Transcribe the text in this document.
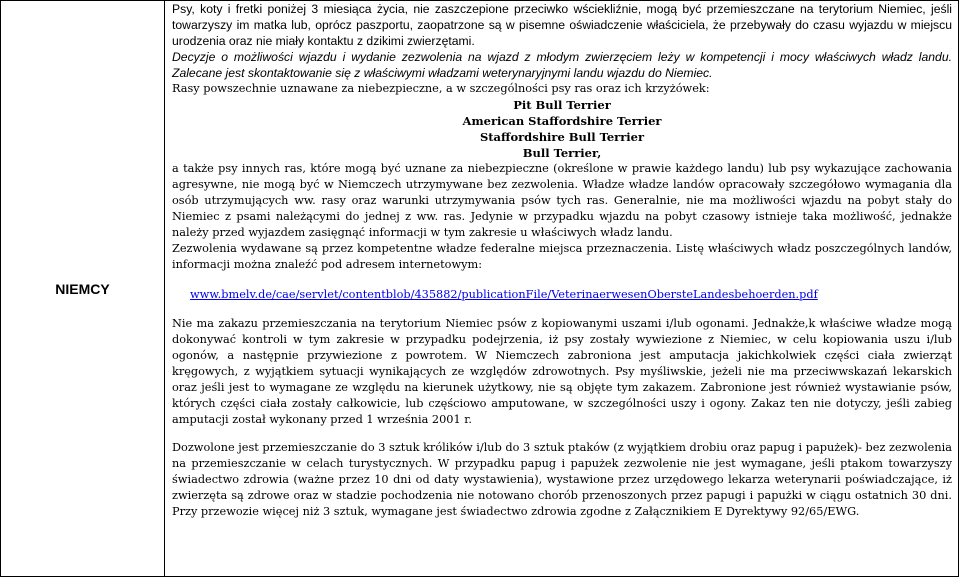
NIEMCY	

Psy, koty i fretki poniżej 3 miesiąca życia, nie zaszczepione przeciwko wściekliźnie, mogą być przemieszczane na terytorium Niemiec, jeśli towarzyszy im matka lub, oprócz paszportu, zaopatrzone są w pisemne oświadczenie właściciela, że przebywały do czasu wyjazdu w miejscu urodzenia oraz nie miały kontaktu z dzikimi zwierzętami.

Decyzje o możliwości wjazdu i wydanie zezwolenia na wjazd z młodym zwierzęciem leży w kompetencji i mocy właściwych władz landu. Zalecane jest skontaktowanie się z właściwymi władzami weterynaryjnymi landu wjazdu do Niemiec.

Rasy powszechnie uznawane za niebezpieczne, a w szczególności psy ras oraz ich krzyżówek:

Pit Bull Terrier

American Staffordshire Terrier

Staffordshire Bull Terrier

Bull Terrier,

a także psy innych ras, które mogą być uznane za niebezpieczne (określone w prawie każdego landu) lub psy wykazujące zachowania agresywne, nie mogą być w Niemczech utrzymywane bez zezwolenia. Władze władze landów opracowały szczegółowo wymagania dla osób utrzymujących ww. rasy oraz warunki utrzymywania psów tych ras. Generalnie, nie ma możliwości wjazdu na pobyt stały do Niemiec z psami należącymi do jednej z ww. ras. Jedynie w przypadku wjazdu na pobyt czasowy istnieje taka możliwość, jednakże należy przed wyjazdem zasięgnąć informacji w tym zakresie u właściwych władz landu.

Zezwolenia wydawane są przez kompetentne władze federalne miejsca przeznaczenia. Listę właściwych władz poszczególnych landów, informacji można znaleźć pod adresem internetowym:

www.bmelv.de/cae/servlet/contentblob/435882/publicationFile/VeterinaerwesenObersteLandesbehoerden.pdf

Nie ma zakazu przemieszczania na terytorium Niemiec psów z kopiowanymi uszami i/lub ogonami. Jednakże,k właściwe władze mogą dokonywać kontroli w tym zakresie w przypadku podejrzenia, iż psy zostały wywiezione z Niemiec, w celu kopiowania uszu i/lub ogonów, a następnie przywiezione z powrotem. W Niemczech zabroniona jest amputacja jakichkolwiek części ciała zwierząt kręgowych, z wyjątkiem sytuacji wynikających ze względów zdrowotnych. Psy myśliwskie, jeżeli nie ma przeciwwskazań lekarskich oraz jeśli jest to wymagane ze względu na kierunek użytkowy, nie są objęte tym zakazem. Zabronione jest również wystawianie psów, których części ciała zostały całkowicie, lub częściowo amputowane, w szczególności uszy i ogony. Zakaz ten nie dotyczy, jeśli zabieg amputacji został wykonany przed 1 września 2001 r.

Dozwolone jest przemieszczanie do 3 sztuk królików i/lub do 3 sztuk ptaków (z wyjątkiem drobiu oraz papug i papużek)- bez zezwolenia na przemieszczanie w celach turystycznych. W przypadku papug i papużek zezwolenie nie jest wymagane, jeśli ptakom towarzyszy świadectwo zdrowia (ważne przez 10 dni od daty wystawienia), wystawione przez urzędowego lekarza weterynarii poświadczające, iż zwierzęta są zdrowe oraz w stadzie pochodzenia nie notowano chorób przenoszonych przez papugi i papużki w ciągu ostatnich 30 dni. Przy przewozie więcej niż 3 sztuk, wymagane jest świadectwo zdrowia zgodne z Załącznikiem E Dyrektywy 92/65/EWG.
